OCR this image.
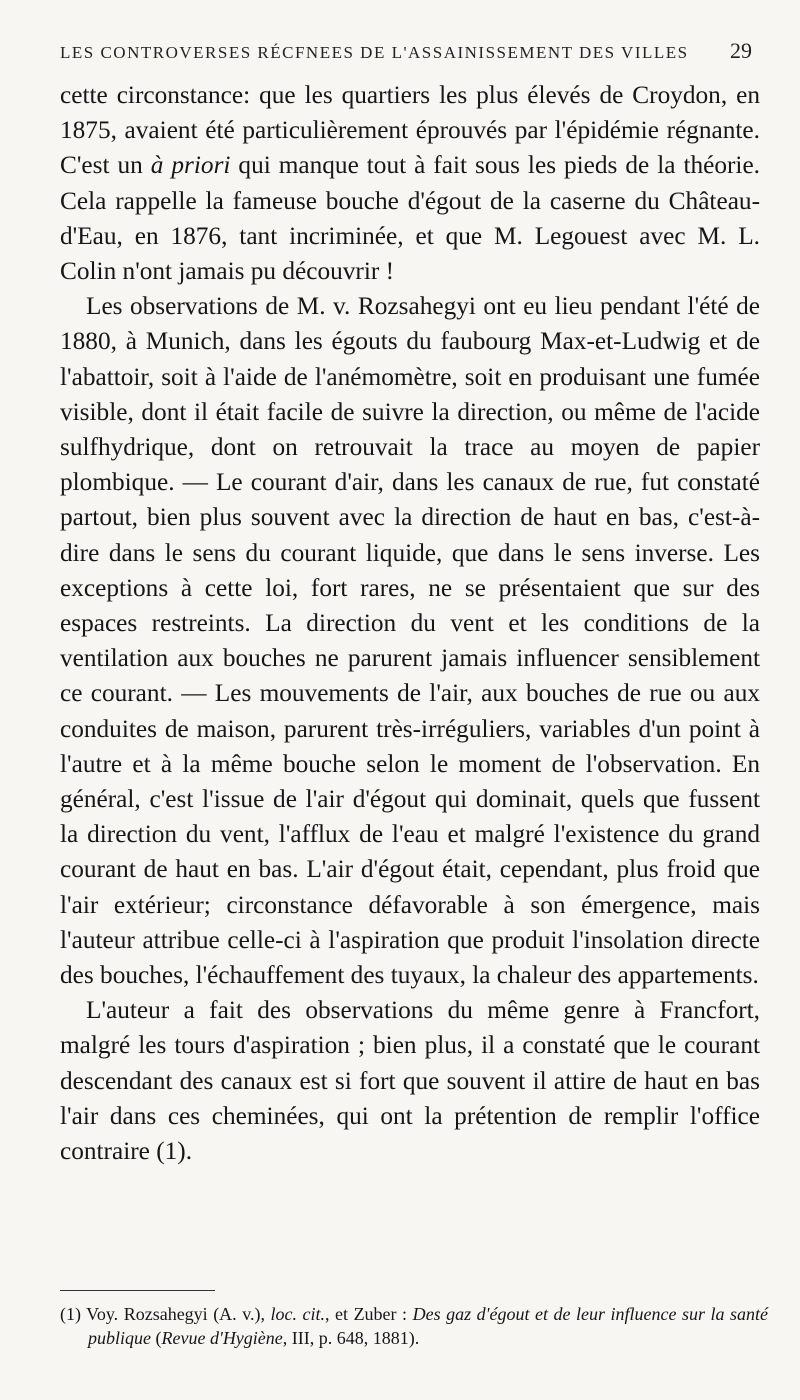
LES CONTROVERSES RÉCFNEES DE L'ASSAINISSEMENT DES VILLES 29

cette circonstance: que les quartiers les plus élevés de Croydon, en 1875, avaient été particulièrement éprouvés par l'épidémie régnante. C'est un à priori qui manque tout à fait sous les pieds de la théorie. Cela rappelle la fameuse bouche d'égout de la caserne du Château-d'Eau, en 1876, tant incriminée, et que M. Legouest avec M. L. Colin n'ont jamais pu découvrir !

Les observations de M. v. Rozsahegyi ont eu lieu pendant l'été de 1880, à Munich, dans les égouts du faubourg Max-et-Ludwig et de l'abattoir, soit à l'aide de l'anémomètre, soit en produisant une fumée visible, dont il était facile de suivre la direction, ou même de l'acide sulfhydrique, dont on retrouvait la trace au moyen de papier plombique. — Le courant d'air, dans les canaux de rue, fut constaté partout, bien plus souvent avec la direction de haut en bas, c'est-à-dire dans le sens du courant liquide, que dans le sens inverse. Les exceptions à cette loi, fort rares, ne se présentaient que sur des espaces restreints. La direction du vent et les conditions de la ventilation aux bouches ne parurent jamais influencer sensiblement ce courant. — Les mouvements de l'air, aux bouches de rue ou aux conduites de maison, parurent très-irréguliers, variables d'un point à l'autre et à la même bouche selon le moment de l'observation. En général, c'est l'issue de l'air d'égout qui dominait, quels que fussent la direction du vent, l'afflux de l'eau et malgré l'existence du grand courant de haut en bas. L'air d'égout était, cependant, plus froid que l'air extérieur; circonstance défavorable à son émergence, mais l'auteur attribue celle-ci à l'aspiration que produit l'insolation directe des bouches, l'échauffement des tuyaux, la chaleur des appartements.

L'auteur a fait des observations du même genre à Francfort, malgré les tours d'aspiration ; bien plus, il a constaté que le courant descendant des canaux est si fort que souvent il attire de haut en bas l'air dans ces cheminées, qui ont la prétention de remplir l'office contraire (1).

(1) Voy. Rozsahegyi (A. v.), loc. cit., et Zuber : Des gaz d'égout et de leur influence sur la santé publique (Revue d'Hygiène, III, p. 648, 1881).
